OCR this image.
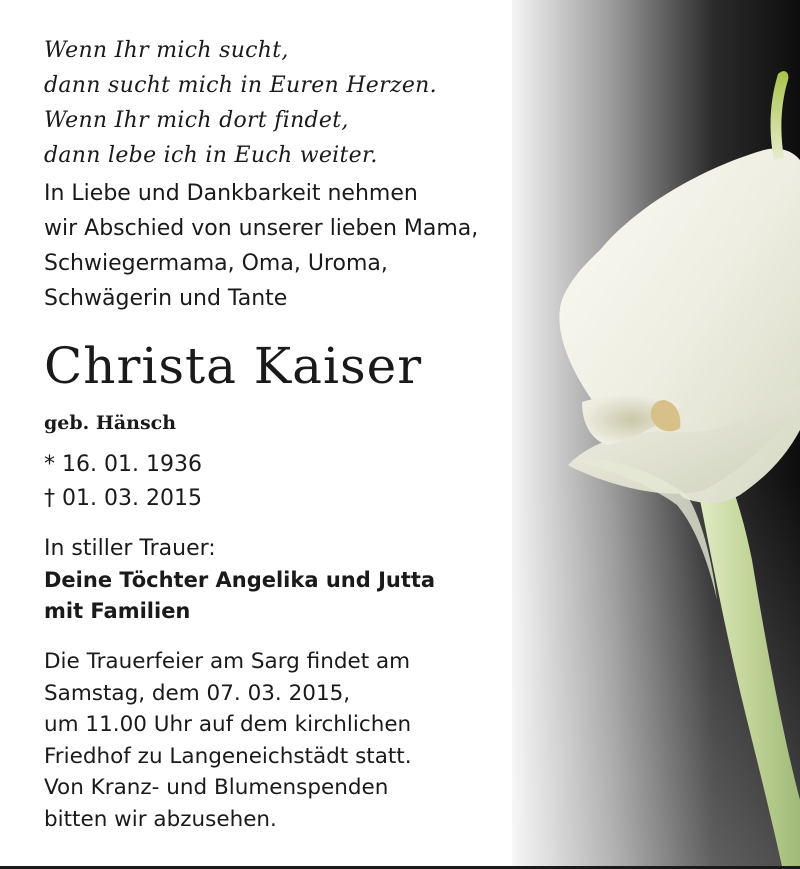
Wenn Ihr mich sucht,
dann sucht mich in Euren Herzen.
Wenn Ihr mich dort findet,
dann lebe ich in Euch weiter.
In Liebe und Dankbarkeit nehmen
wir Abschied von unserer lieben Mama,
Schwiegermama, Oma, Uroma,
Schwägerin und Tante
Christa Kaiser
geb. Hänsch
* 16. 01. 1936
† 01. 03. 2015
In stiller Trauer:
Deine Töchter Angelika und Jutta
mit Familien
Die Trauerfeier am Sarg findet am
Samstag, dem 07. 03. 2015,
um 11.00 Uhr auf dem kirchlichen
Friedhof zu Langeneichstädt statt.
Von Kranz- und Blumenspenden
bitten wir abzusehen.
